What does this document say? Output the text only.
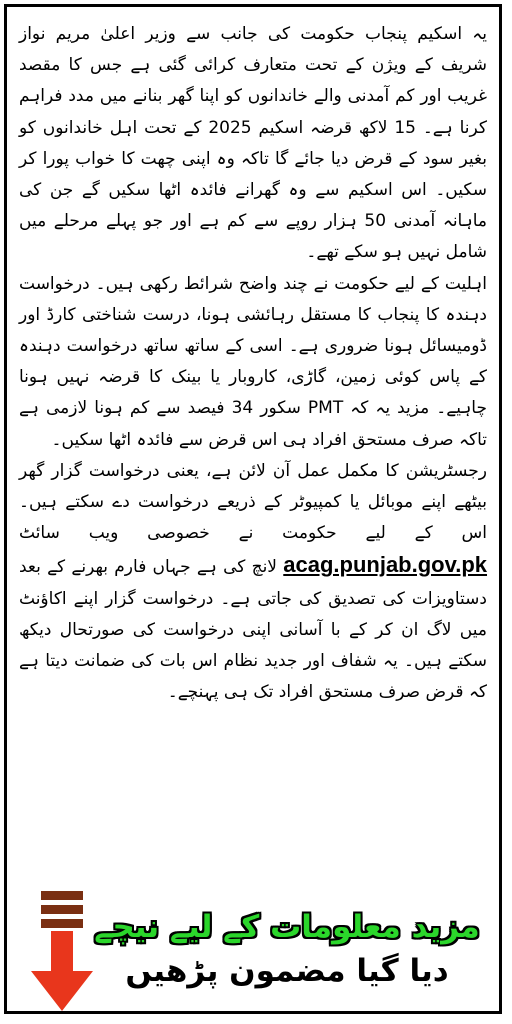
یہ اسکیم پنجاب حکومت کی جانب سے وزیر اعلیٰ مریم نواز شریف کے ویژن کے تحت متعارف کرائی گئی ہے جس کا مقصد غریب اور کم آمدنی والے خاندانوں کو اپنا گھر بنانے میں مدد فراہم کرنا ہے۔ 15 لاکھ قرضہ اسکیم 2025 کے تحت اہل خاندانوں کو بغیر سود کے قرض دیا جائے گا تاکہ وہ اپنی چھت کا خواب پورا کر سکیں۔ اس اسکیم سے وہ گھرانے فائدہ اٹھا سکیں گے جن کی ماہانہ آمدنی 50 ہزار روپے سے کم ہے اور جو پہلے مرحلے میں شامل نہیں ہو سکے تھے۔

اہلیت کے لیے حکومت نے چند واضح شرائط رکھی ہیں۔ درخواست دہندہ کا پنجاب کا مستقل رہائشی ہونا، درست شناختی کارڈ اور ڈومیسائل ہونا ضروری ہے۔ اسی کے ساتھ ساتھ درخواست دہندہ کے پاس کوئی زمین، گاڑی، کاروبار یا بینک کا قرضہ نہیں ہونا چاہیے۔ مزید یہ کہ PMT سکور 34 فیصد سے کم ہونا لازمی ہے تاکہ صرف مستحق افراد ہی اس قرض سے فائدہ اٹھا سکیں۔

رجسٹریشن کا مکمل عمل آن لائن ہے، یعنی درخواست گزار گھر بیٹھے اپنے موبائل یا کمپیوٹر کے ذریعے درخواست دے سکتے ہیں۔ اس کے لیے حکومت نے خصوصی ویب سائٹ acag.punjab.gov.pk لانچ کی ہے جہاں فارم بھرنے کے بعد دستاویزات کی تصدیق کی جاتی ہے۔ درخواست گزار اپنے اکاؤنٹ میں لاگ ان کر کے با آسانی اپنی درخواست کی صورتحال دیکھ سکتے ہیں۔ یہ شفاف اور جدید نظام اس بات کی ضمانت دیتا ہے کہ قرض صرف مستحق افراد تک ہی پہنچے۔

مزید معلومات کے لیے نیچے

دیا گیا مضمون پڑھیں
